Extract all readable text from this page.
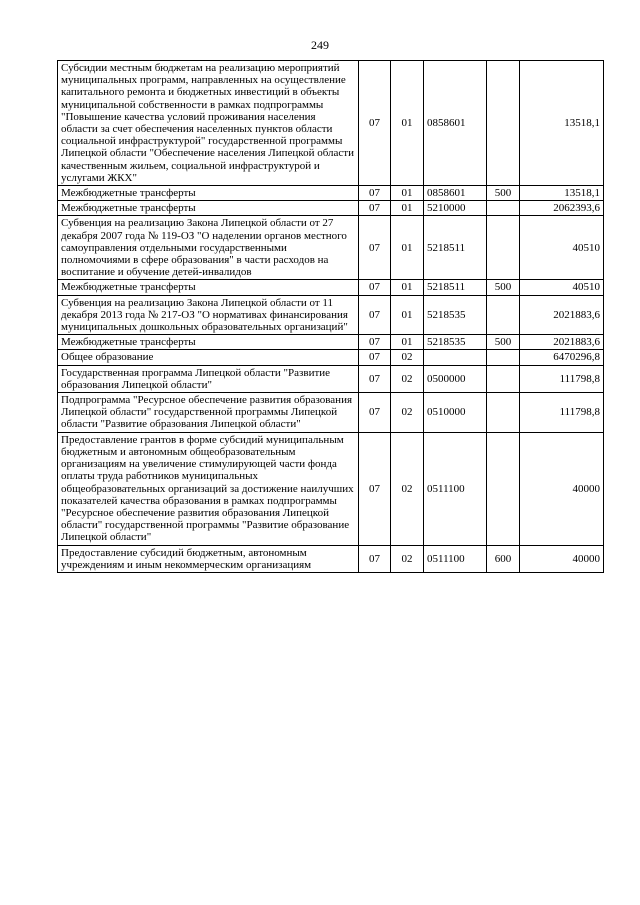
249
Субсидии местным бюджетам на реализацию мероприятий муниципальных программ, направленных на осуществление капитального ремонта и бюджетных инвестиций в объекты муниципальной собственности в рамках подпрограммы "Повышение качества условий проживания населения области за счет обеспечения населенных пунктов области социальной инфраструктурой" государственной программы Липецкой области "Обеспечение населения Липецкой области качественным жильем, социальной инфраструктурой и услугами ЖКХ"	07	01	0858601		13518,1
Межбюджетные трансферты	07	01	0858601	500	13518,1
Межбюджетные трансферты	07	01	5210000		2062393,6
Субвенция на реализацию Закона Липецкой области от 27 декабря 2007 года № 119-ОЗ "О наделении органов местного самоуправления отдельными государственными полномочиями в сфере образования" в части расходов на воспитание и обучение детей-инвалидов	07	01	5218511		40510
Межбюджетные трансферты	07	01	5218511	500	40510
Субвенция на реализацию Закона Липецкой области от 11 декабря 2013 года № 217-ОЗ "О нормативах финансирования муниципальных дошкольных образовательных организаций"	07	01	5218535		2021883,6
Межбюджетные трансферты	07	01	5218535	500	2021883,6
Общее образование	07	02			6470296,8
Государственная программа Липецкой области "Развитие образования Липецкой области"	07	02	0500000		111798,8
Подпрограмма "Ресурсное обеспечение развития образования Липецкой области" государственной программы Липецкой области "Развитие образования Липецкой области"	07	02	0510000		111798,8
Предоставление грантов в форме субсидий муниципальным бюджетным и автономным общеобразовательным организациям на увеличение стимулирующей части фонда оплаты труда работников муниципальных общеобразовательных организаций за достижение наилучших показателей качества образования в рамках подпрограммы "Ресурсное обеспечение развития образования Липецкой области" государственной программы "Развитие образование Липецкой области"	07	02	0511100		40000
Предоставление субсидий бюджетным, автономным учреждениям и иным некоммерческим организациям	07	02	0511100	600	40000
